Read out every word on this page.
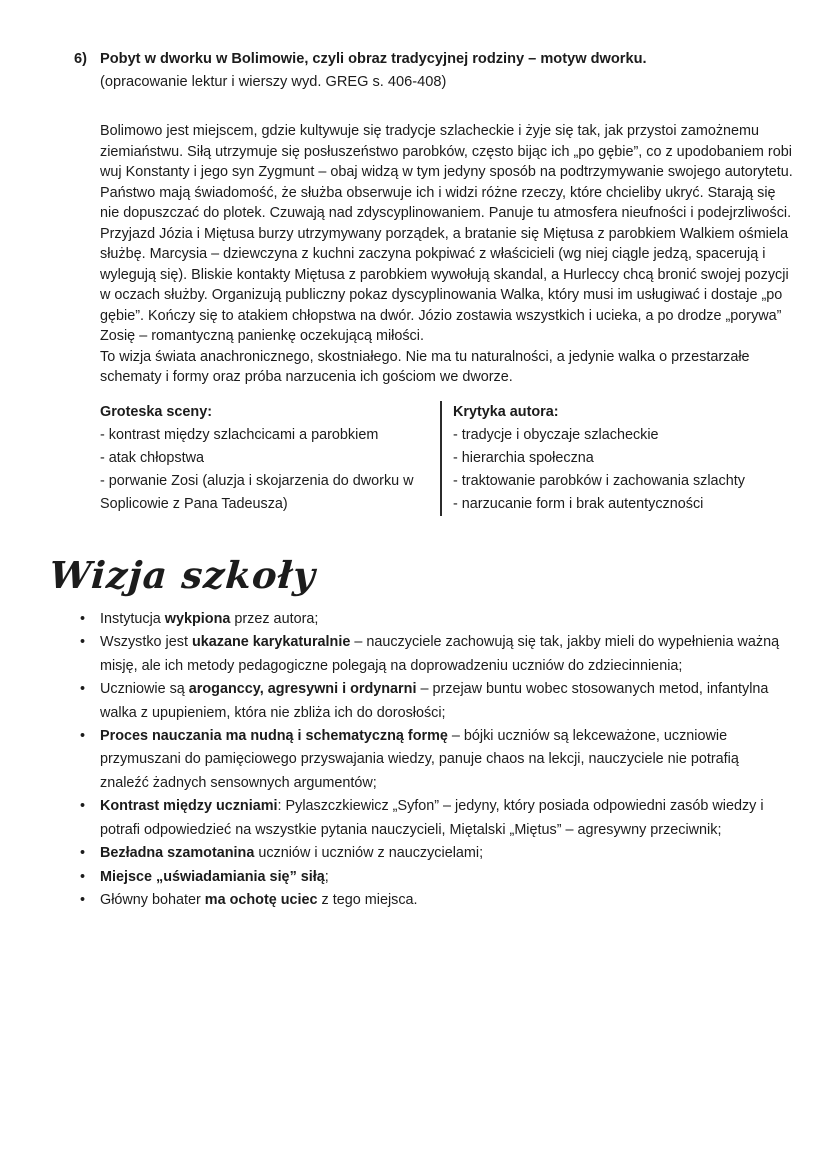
6) Pobyt w dworku w Bolimowie, czyli obraz tradycyjnej rodziny – motyw dworku.
(opracowanie lektur i wierszy wyd. GREG s. 406-408)

Bolimowo jest miejscem, gdzie kultywuje się tradycje szlacheckie i żyje się tak, jak przystoi zamożnemu ziemiaństwu. Siłą utrzymuje się posłuszeństwo parobków, często bijąc ich „po gębie”, co z upodobaniem robi wuj Konstanty i jego syn Zygmunt – obaj widzą w tym jedyny sposób na podtrzymywanie swojego autorytetu. Państwo mają świadomość, że służba obserwuje ich i widzi różne rzeczy, które chcieliby ukryć. Starają się nie dopuszczać do plotek. Czuwają nad zdyscyplinowaniem. Panuje tu atmosfera nieufności i podejrzliwości. Przyjazd Józia i Miętusa burzy utrzymywany porządek, a bratanie się Miętusa z parobkiem Walkiem ośmiela służbę. Marcysia – dziewczyna z kuchni zaczyna pokpiwać z właścicieli (wg niej ciągle jedzą, spacerują i wylegują się). Bliskie kontakty Miętusa z parobkiem wywołują skandal, a Hurleccy chcą bronić swojej pozycji w oczach służby. Organizują publiczny pokaz dyscyplinowania Walka, który musi im usługiwać i dostaje „po gębie”. Kończy się to atakiem chłopstwa na dwór. Józio zostawia wszystkich i ucieka, a po drodze „porywa” Zosię – romantyczną panienkę oczekującą miłości.

To wizja świata anachronicznego, skostniałego. Nie ma tu naturalności, a jedynie walka o przestarzałe schematy i formy oraz próba narzucenia ich gościom we dworze.

Groteska sceny:
- kontrast między szlachcicami a parobkiem
- atak chłopstwa
- porwanie Zosi (aluzja i skojarzenia do dworku w Soplicowie z Pana Tadeusza)
Krytyka autora:
- tradycje i obyczaje szlacheckie
- hierarchia społeczna
- traktowanie parobków i zachowania szlachty
- narzucanie form i brak autentyczności
Wizja szkoły
• Instytucja wykpiona przez autora;
• Wszystko jest ukazane karykaturalnie – nauczyciele zachowują się tak, jakby mieli do wypełnienia ważną misję, ale ich metody pedagogiczne polegają na doprowadzeniu uczniów do zdziecinnienia;
• Uczniowie są aroganccy, agresywni i ordynarni – przejaw buntu wobec stosowanych metod, infantylna walka z upupieniem, która nie zbliża ich do dorosłości;
• Proces nauczania ma nudną i schematyczną formę – bójki uczniów są lekceważone, uczniowie przymuszani do pamięciowego przyswajania wiedzy, panuje chaos na lekcji, nauczyciele nie potrafią znaleźć żadnych sensownych argumentów;
• Kontrast między uczniami: Pylaszczkiewicz „Syfon” – jedyny, który posiada odpowiedni zasób wiedzy i potrafi odpowiedzieć na wszystkie pytania nauczycieli, Miętalski „Miętus” – agresywny przeciwnik;
• Bezładna szamotanina uczniów i uczniów z nauczycielami;
• Miejsce „uświadamiania się” siłą;
• Główny bohater ma ochotę uciec z tego miejsca.
